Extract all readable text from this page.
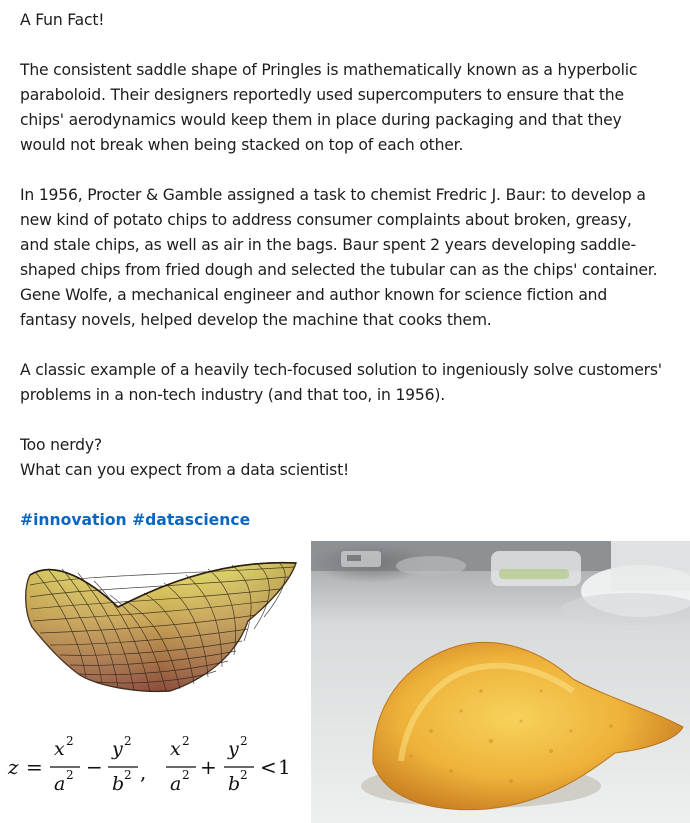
A Fun Fact!

The consistent saddle shape of Pringles is mathematically known as a hyperbolic

paraboloid. Their designers reportedly used supercomputers to ensure that the

chips' aerodynamics would keep them in place during packaging and that they

would not break when being stacked on top of each other.

In 1956, Procter & Gamble assigned a task to chemist Fredric J. Baur: to develop a

new kind of potato chips to address consumer complaints about broken, greasy,

and stale chips, as well as air in the bags. Baur spent 2 years developing saddle-

shaped chips from fried dough and selected the tubular can as the chips' container.

Gene Wolfe, a mechanical engineer and author known for science fiction and

fantasy novels, helped develop the machine that cooks them.

A classic example of a heavily tech-focused solution to ingeniously solve customers'

problems in a non-tech industry (and that too, in 1956).

Too nerdy?

What can you expect from a data scientist!

#innovation #datascience
z =
x 2
a 2 −
y 2
b 2 ,
x 2
a 2 +
y 2
b 2 < 1
